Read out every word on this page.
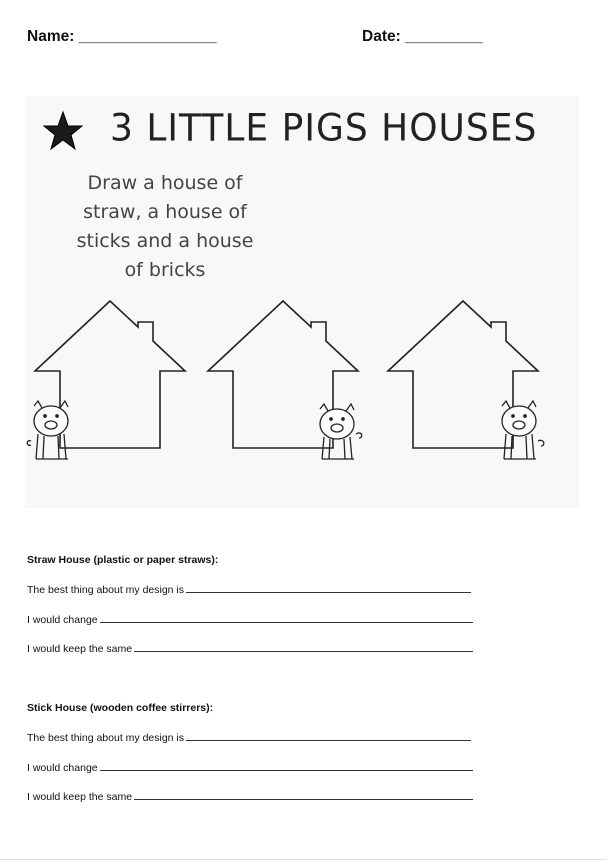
Name: ________________	Date: _________
3 LITTLE PIGS HOUSES
Draw a house of
straw, a house of
sticks and a house
of bricks
Straw House (plastic or paper straws):
The best thing about my design is
I would change
I would keep the same
Stick House (wooden coffee stirrers):
The best thing about my design is
I would change
I would keep the same
